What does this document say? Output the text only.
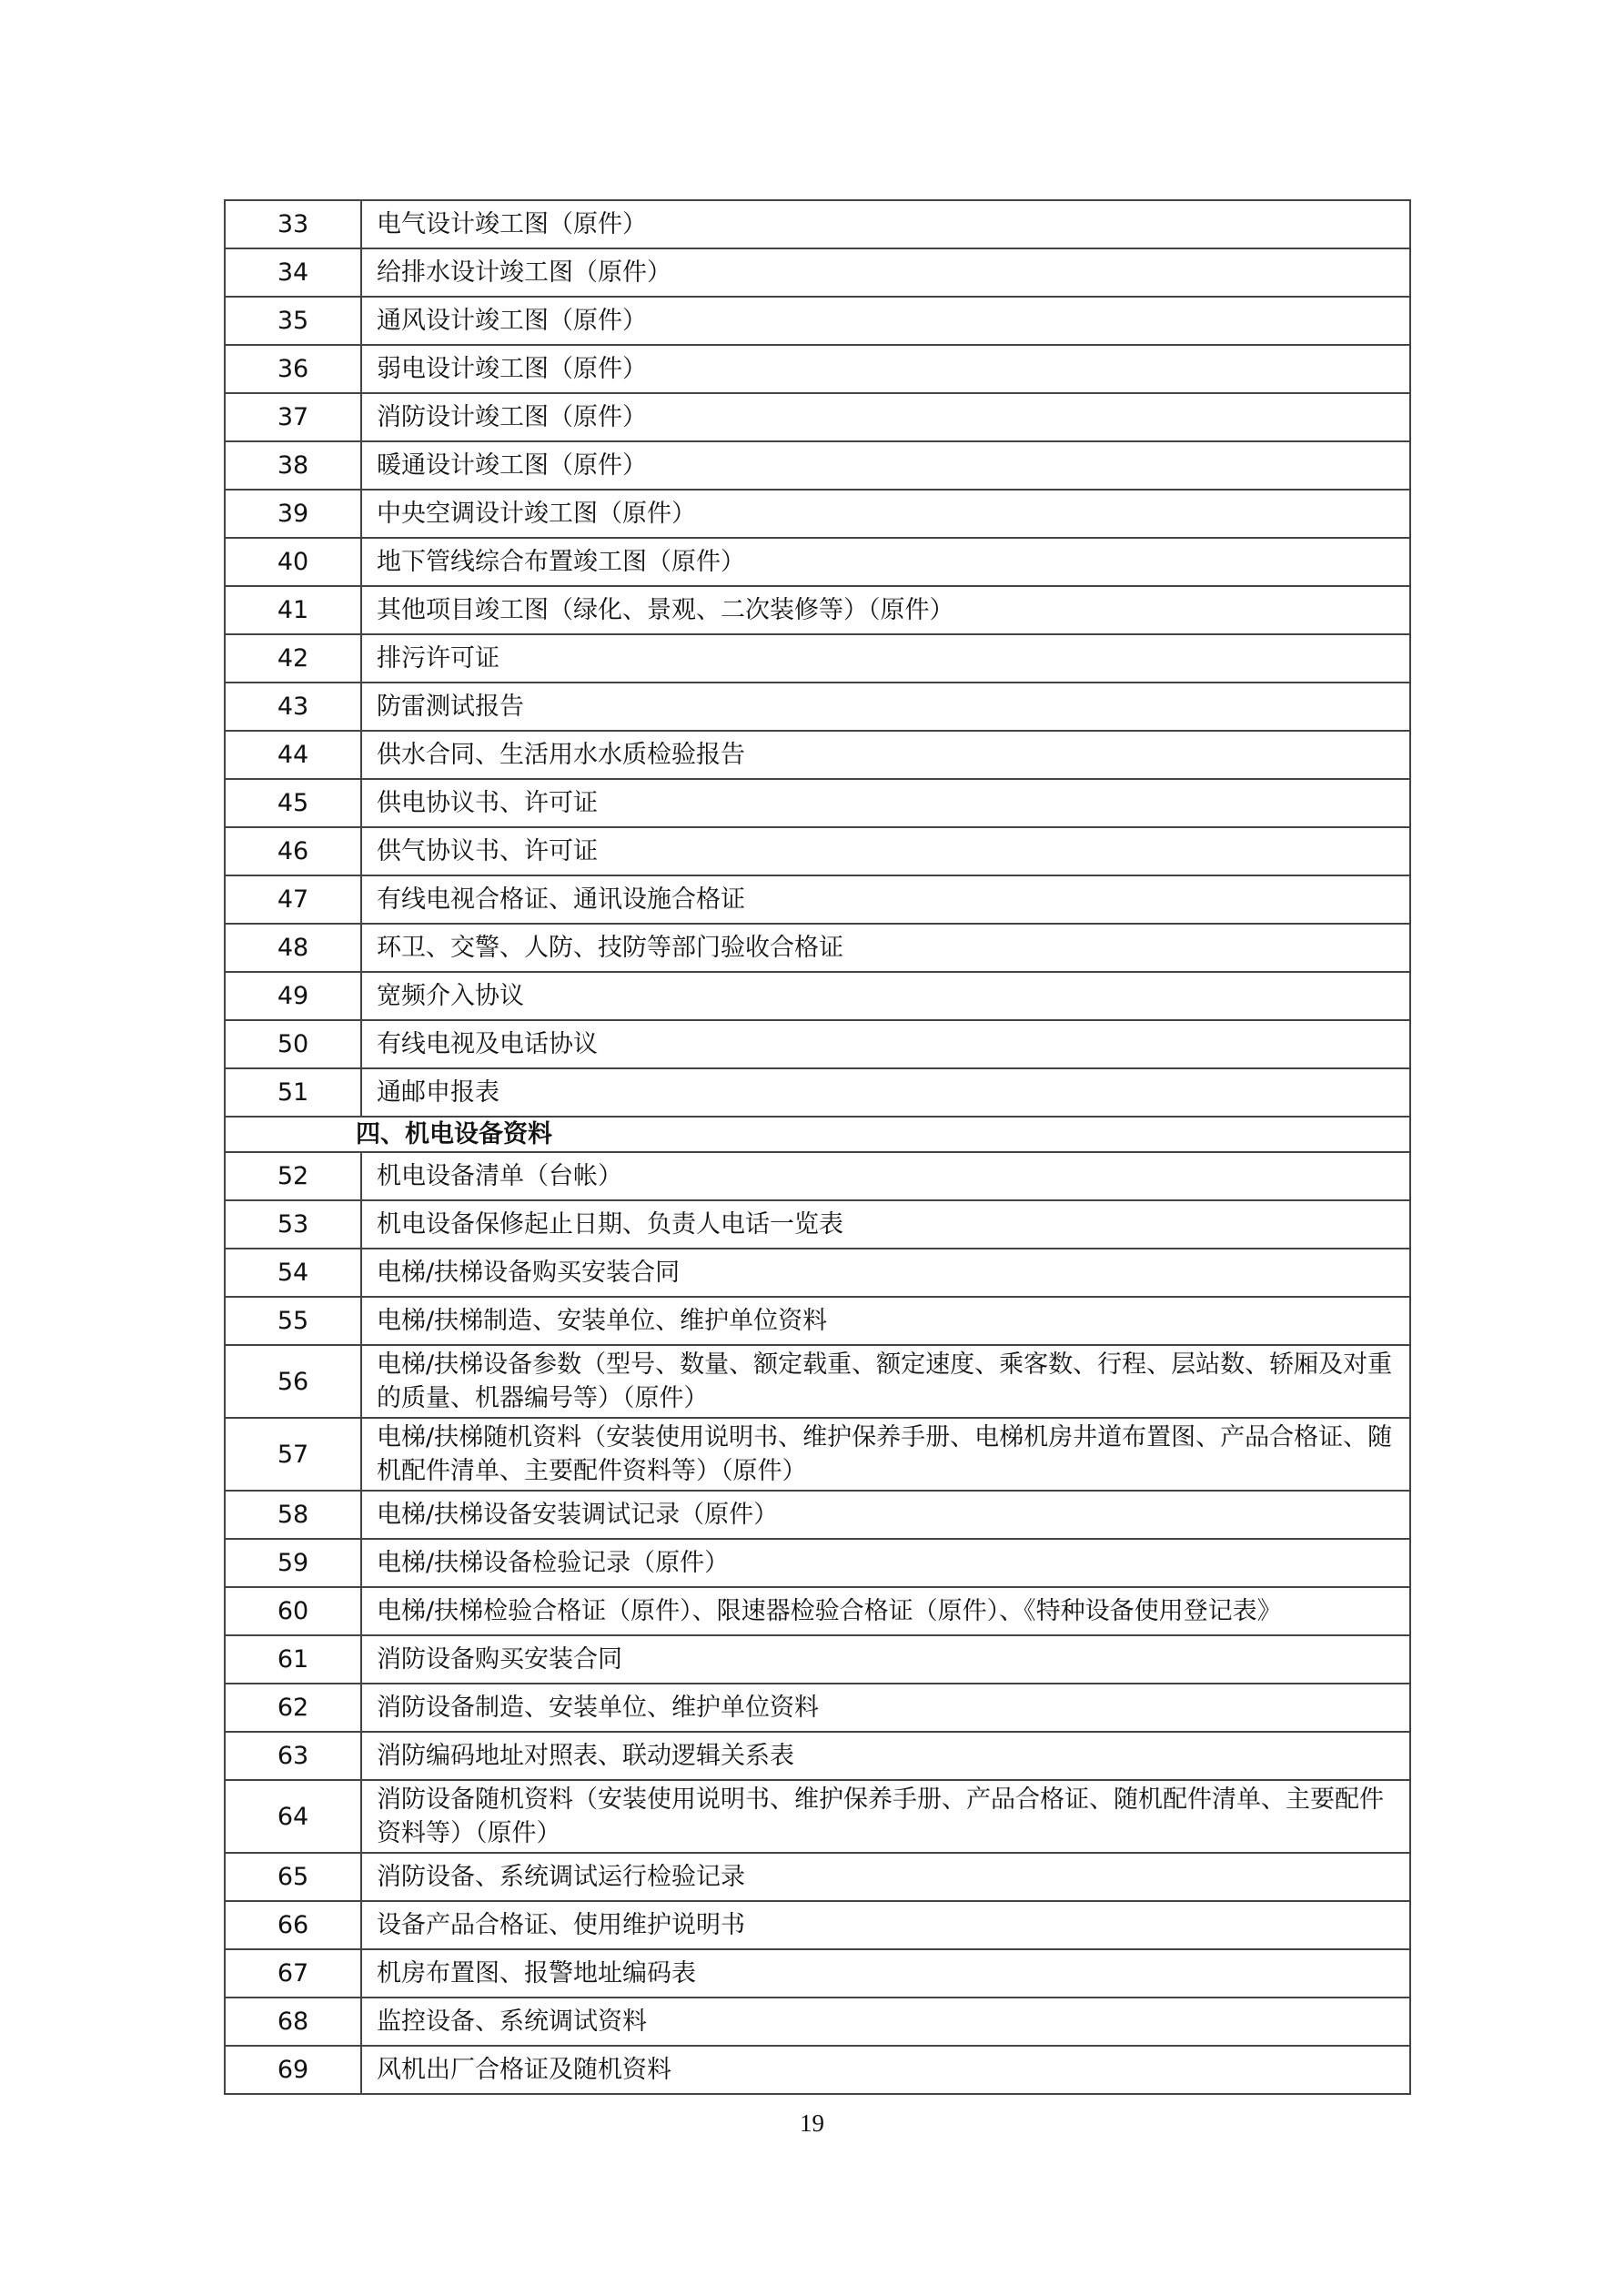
33	电气设计竣工图（原件）
34	给排水设计竣工图（原件）
35	通风设计竣工图（原件）
36	弱电设计竣工图（原件）
37	消防设计竣工图（原件）
38	暖通设计竣工图（原件）
39	中央空调设计竣工图（原件）
40	地下管线综合布置竣工图（原件）
41	其他项目竣工图（绿化、景观、二次装修等）（原件）
42	排污许可证
43	防雷测试报告
44	供水合同、生活用水水质检验报告
45	供电协议书、许可证
46	供气协议书、许可证
47	有线电视合格证、通讯设施合格证
48	环卫、交警、人防、技防等部门验收合格证
49	宽频介入协议
50	有线电视及电话协议
51	通邮申报表
四、机电设备资料	
52	机电设备清单（台帐）
53	机电设备保修起止日期、负责人电话一览表
54	电梯/扶梯设备购买安装合同
55	电梯/扶梯制造、安装单位、维护单位资料
56	电梯/扶梯设备参数（型号、数量、额定载重、额定速度、乘客数、行程、层站数、轿厢及对重的质量、机器编号等）（原件）
57	电梯/扶梯随机资料（安装使用说明书、维护保养手册、电梯机房井道布置图、产品合格证、随机配件清单、主要配件资料等）（原件）
58	电梯/扶梯设备安装调试记录（原件）
59	电梯/扶梯设备检验记录（原件）
60	电梯/扶梯检验合格证（原件）、限速器检验合格证（原件）、《特种设备使用登记表》
61	消防设备购买安装合同
62	消防设备制造、安装单位、维护单位资料
63	消防编码地址对照表、联动逻辑关系表
64	消防设备随机资料（安装使用说明书、维护保养手册、产品合格证、随机配件清单、主要配件资料等）（原件）
65	消防设备、系统调试运行检验记录
66	设备产品合格证、使用维护说明书
67	机房布置图、报警地址编码表
68	监控设备、系统调试资料
69	风机出厂合格证及随机资料
19
